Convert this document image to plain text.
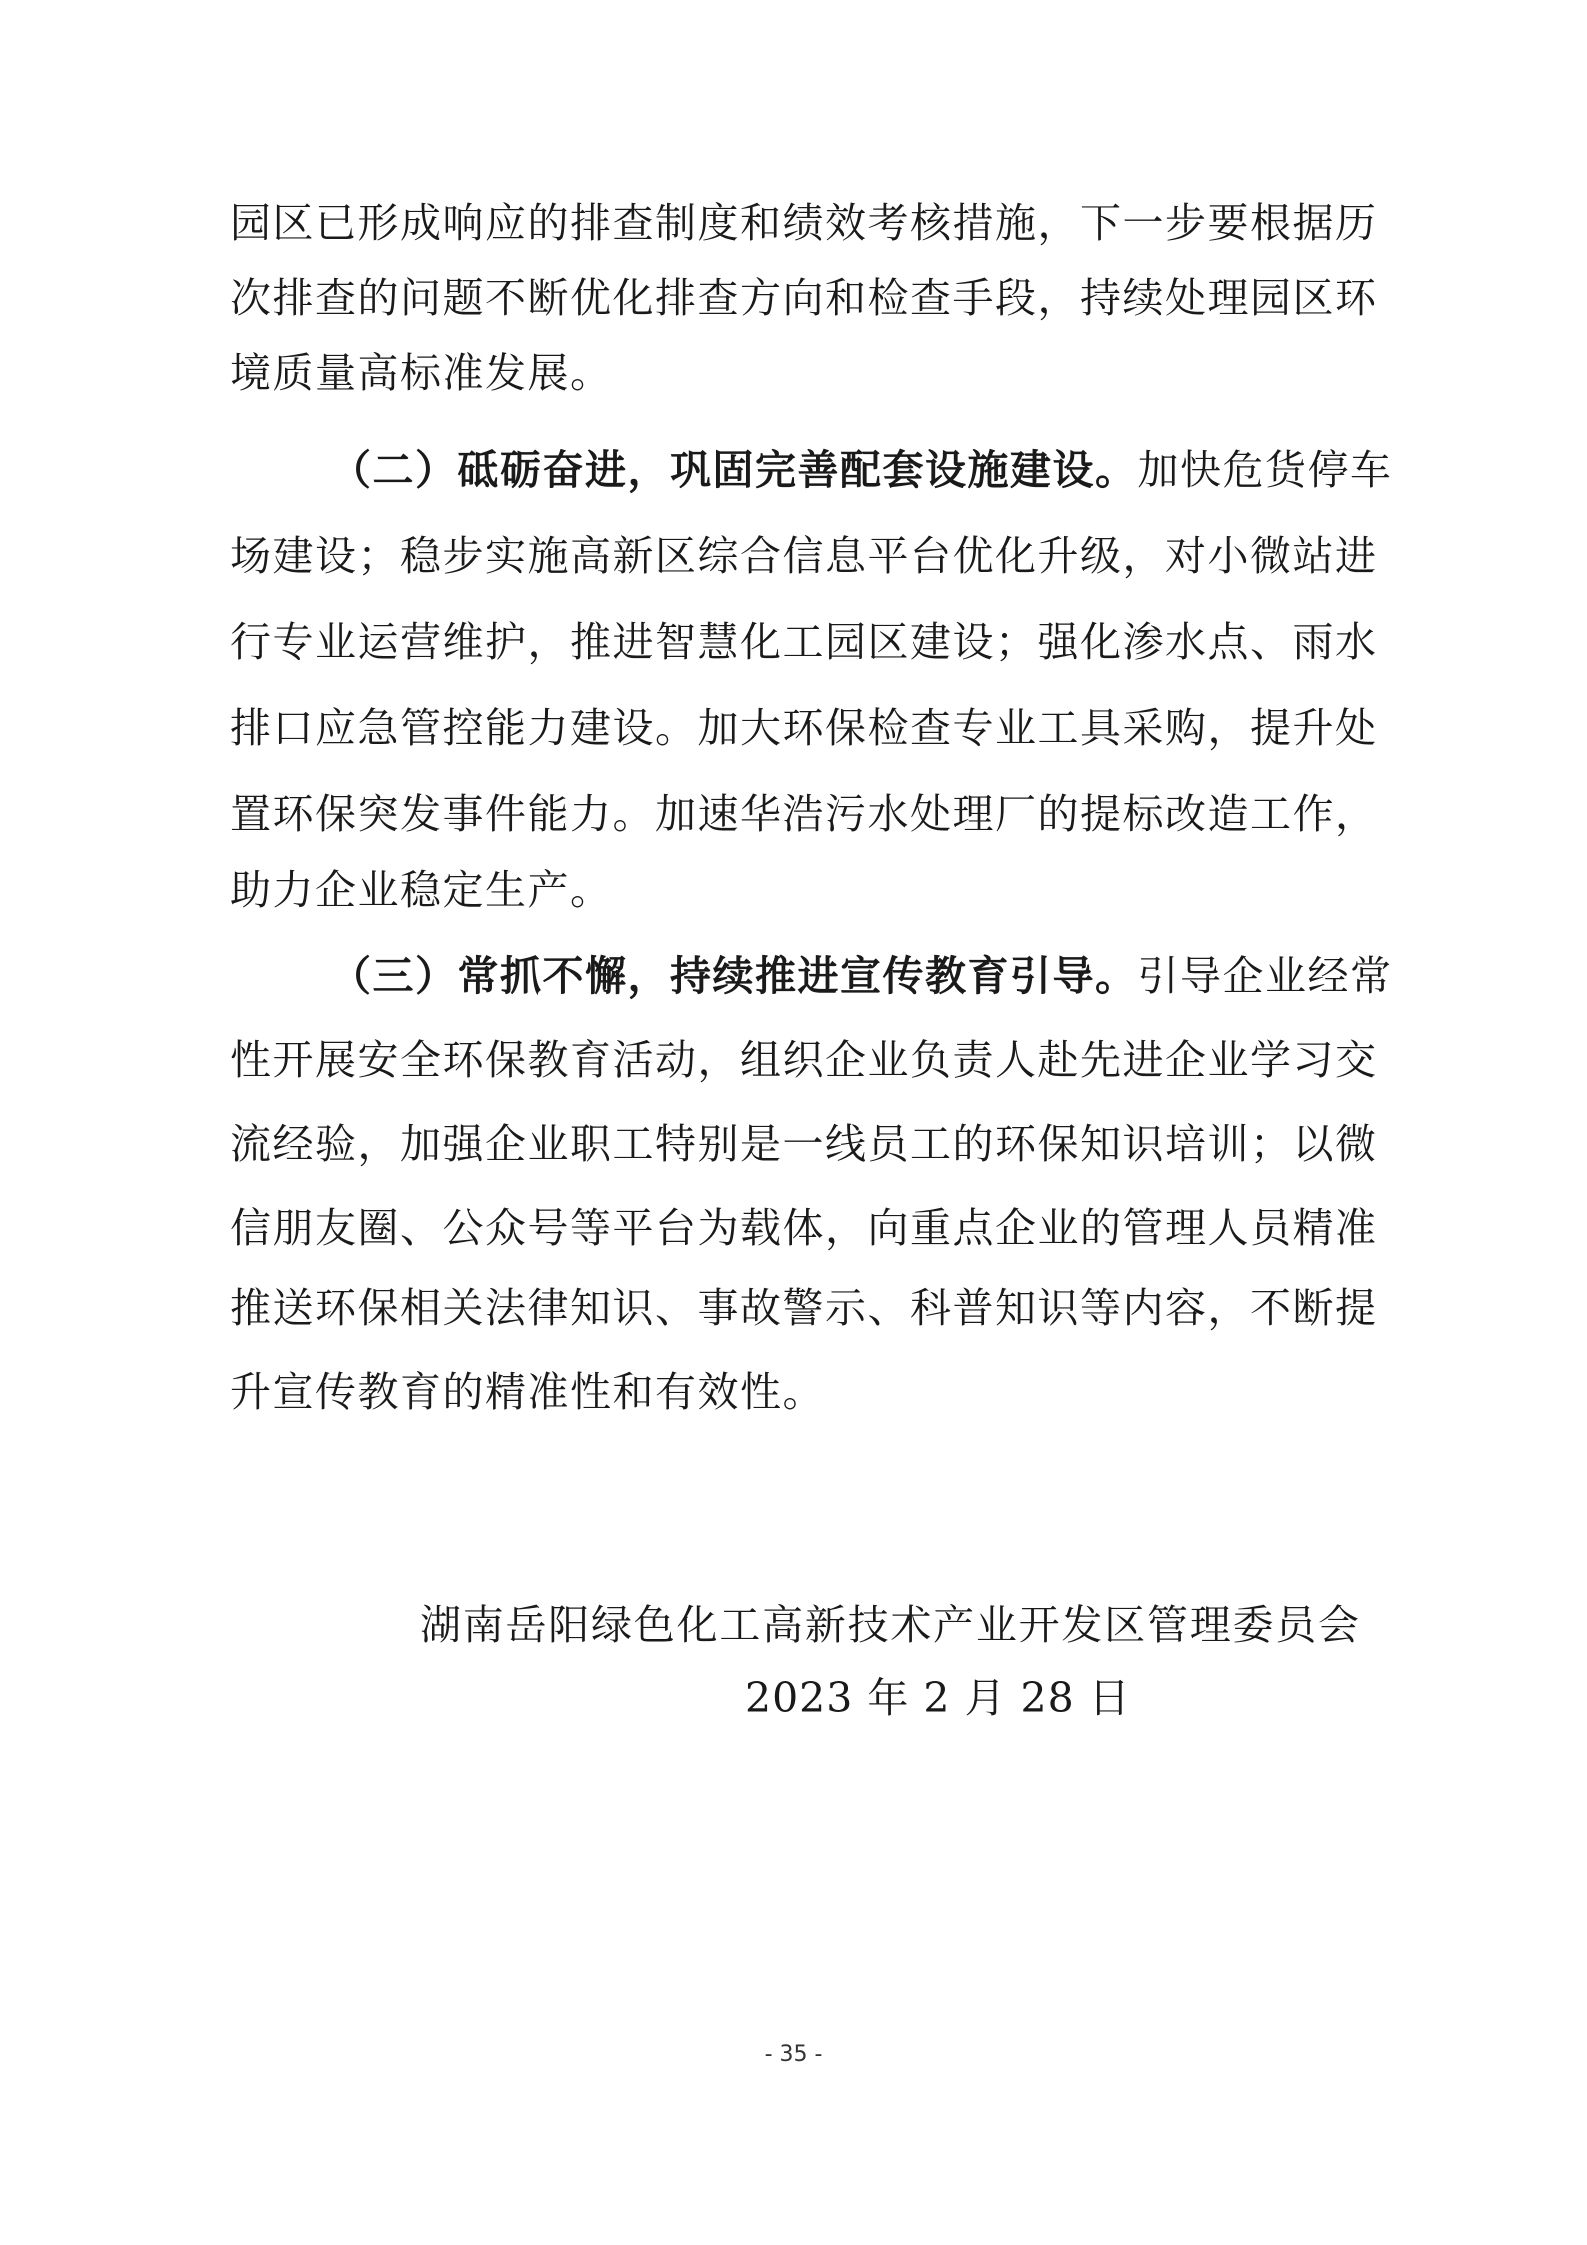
园区已形成响应的排查制度和绩效考核措施，下一步要根据历
次排查的问题不断优化排查方向和检查手段，持续处理园区环
境质量高标准发展。
（二）砥砺奋进，巩固完善配套设施建设。加快危货停车
场建设；稳步实施高新区综合信息平台优化升级，对小微站进
行专业运营维护，推进智慧化工园区建设；强化渗水点、雨水
排口应急管控能力建设。加大环保检查专业工具采购，提升处
置环保突发事件能力。加速华浩污水处理厂的提标改造工作，
助力企业稳定生产。
（三）常抓不懈，持续推进宣传教育引导。引导企业经常
性开展安全环保教育活动，组织企业负责人赴先进企业学习交
流经验，加强企业职工特别是一线员工的环保知识培训；以微
信朋友圈、公众号等平台为载体，向重点企业的管理人员精准
推送环保相关法律知识、事故警示、科普知识等内容，不断提
升宣传教育的精准性和有效性。
湖南岳阳绿色化工高新技术产业开发区管理委员会
2023 年 2 月 28 日
- 35 -
